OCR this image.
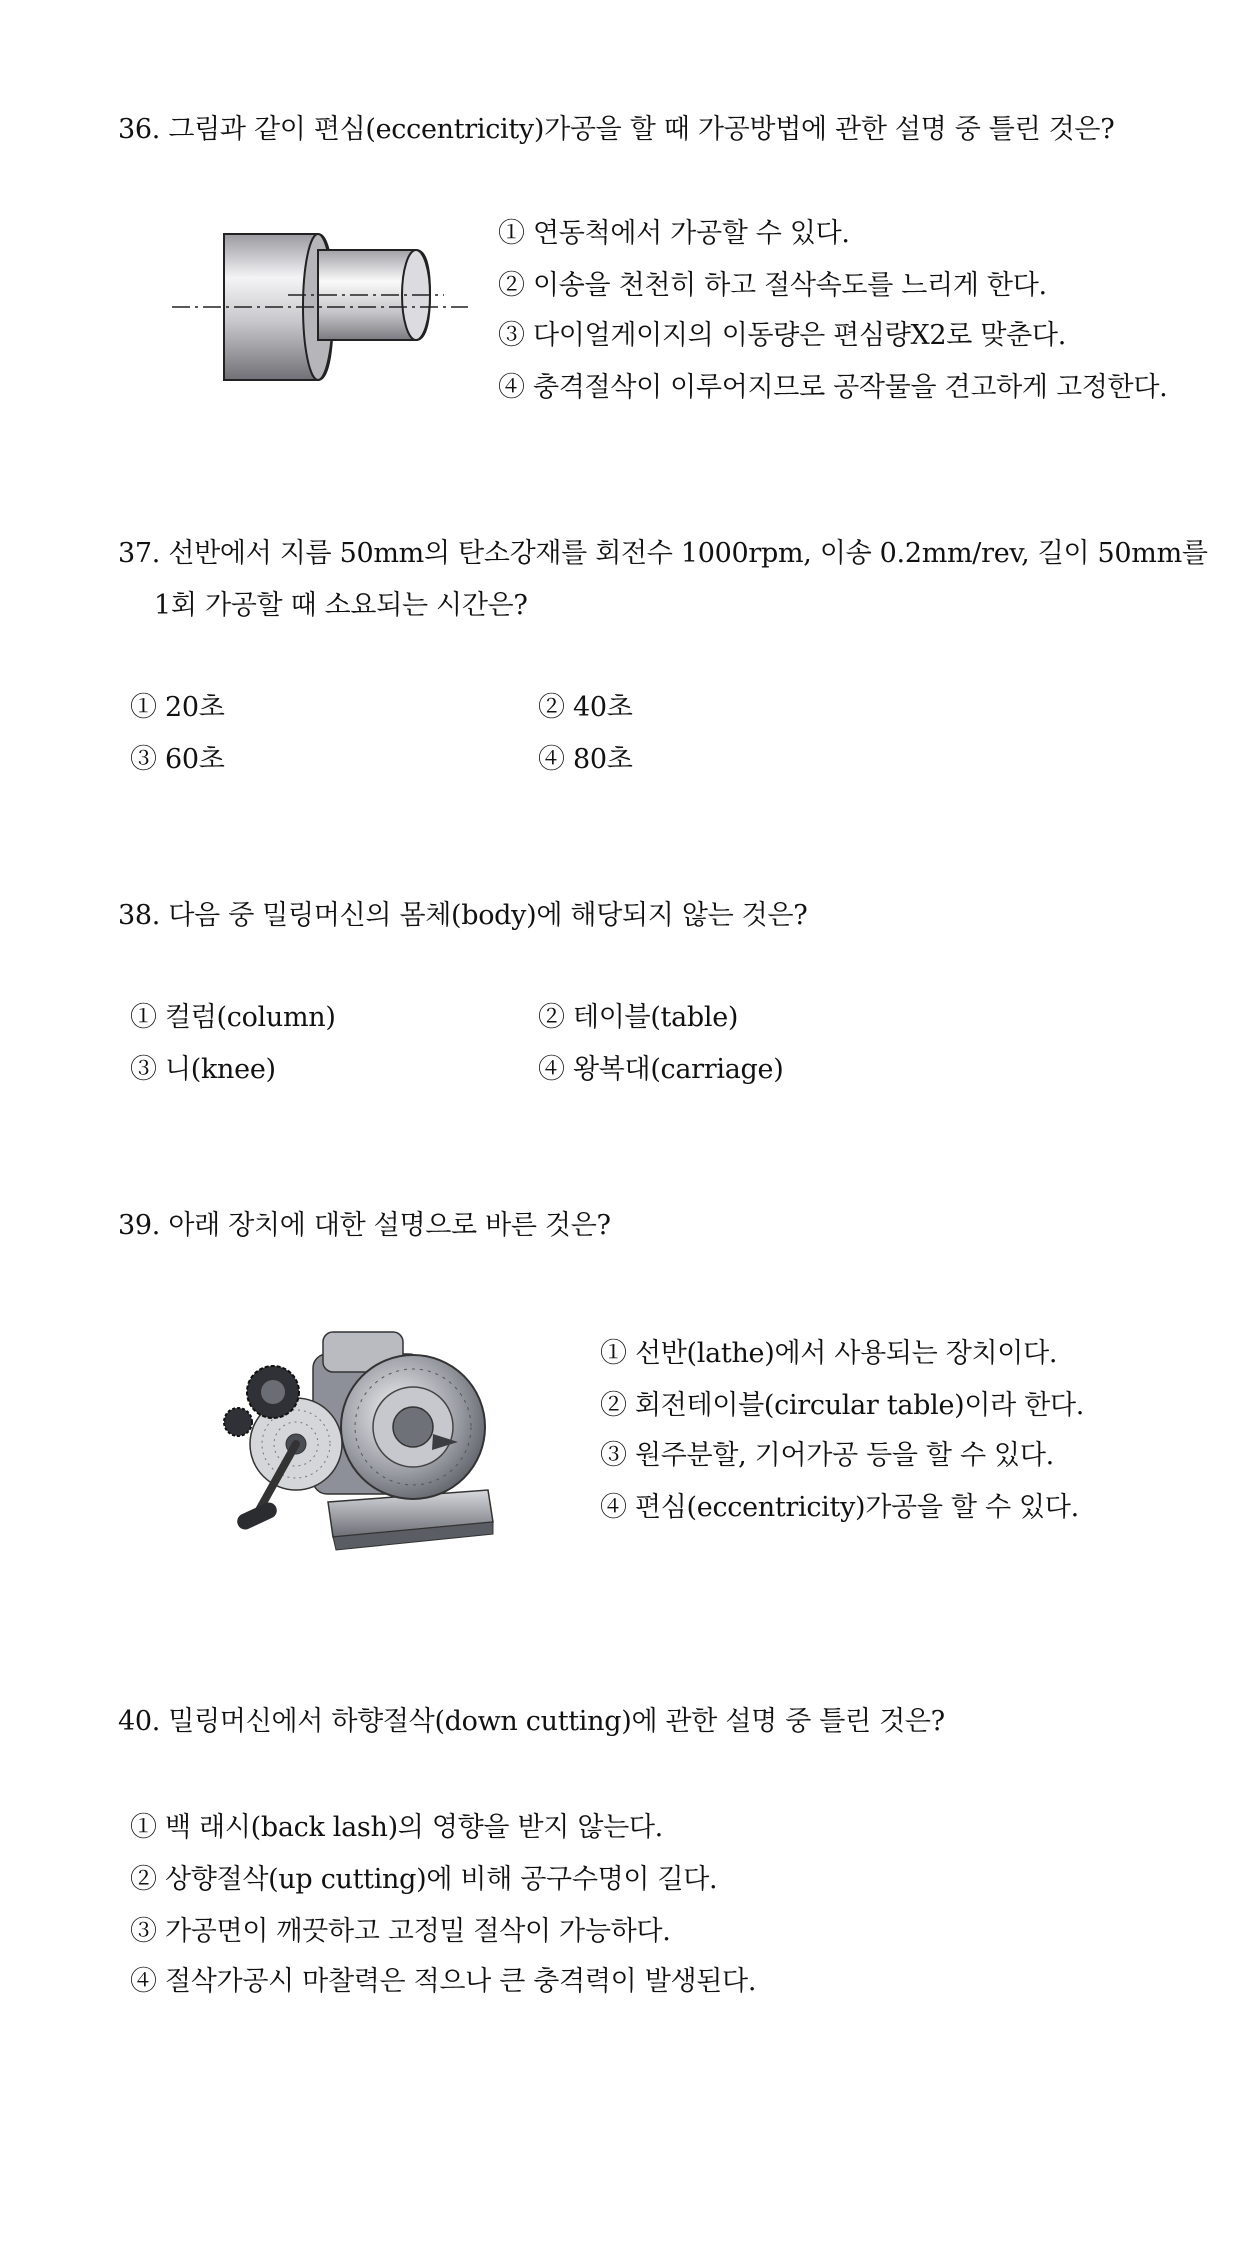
36. 그림과 같이 편심(eccentricity)가공을 할 때 가공방법에 관한 설명 중 틀린 것은?
① 연동척에서 가공할 수 있다.
② 이송을 천천히 하고 절삭속도를 느리게 한다.
③ 다이얼게이지의 이동량은 편심량X2로 맞춘다.
④ 충격절삭이 이루어지므로 공작물을 견고하게 고정한다.
37. 선반에서 지름 50mm의 탄소강재를 회전수 1000rpm, 이송 0.2mm/rev, 길이 50mm를
1회 가공할 때 소요되는 시간은?
① 20초	② 40초
③ 60초	④ 80초
38. 다음 중 밀링머신의 몸체(body)에 해당되지 않는 것은?
① 컬럼(column)	② 테이블(table)
③ 니(knee)	④ 왕복대(carriage)
39. 아래 장치에 대한 설명으로 바른 것은?
① 선반(lathe)에서 사용되는 장치이다.
② 회전테이블(circular table)이라 한다.
③ 원주분할, 기어가공 등을 할 수 있다.
④ 편심(eccentricity)가공을 할 수 있다.
40. 밀링머신에서 하향절삭(down cutting)에 관한 설명 중 틀린 것은?
① 백 래시(back lash)의 영향을 받지 않는다.
② 상향절삭(up cutting)에 비해 공구수명이 길다.
③ 가공면이 깨끗하고 고정밀 절삭이 가능하다.
④ 절삭가공시 마찰력은 적으나 큰 충격력이 발생된다.
